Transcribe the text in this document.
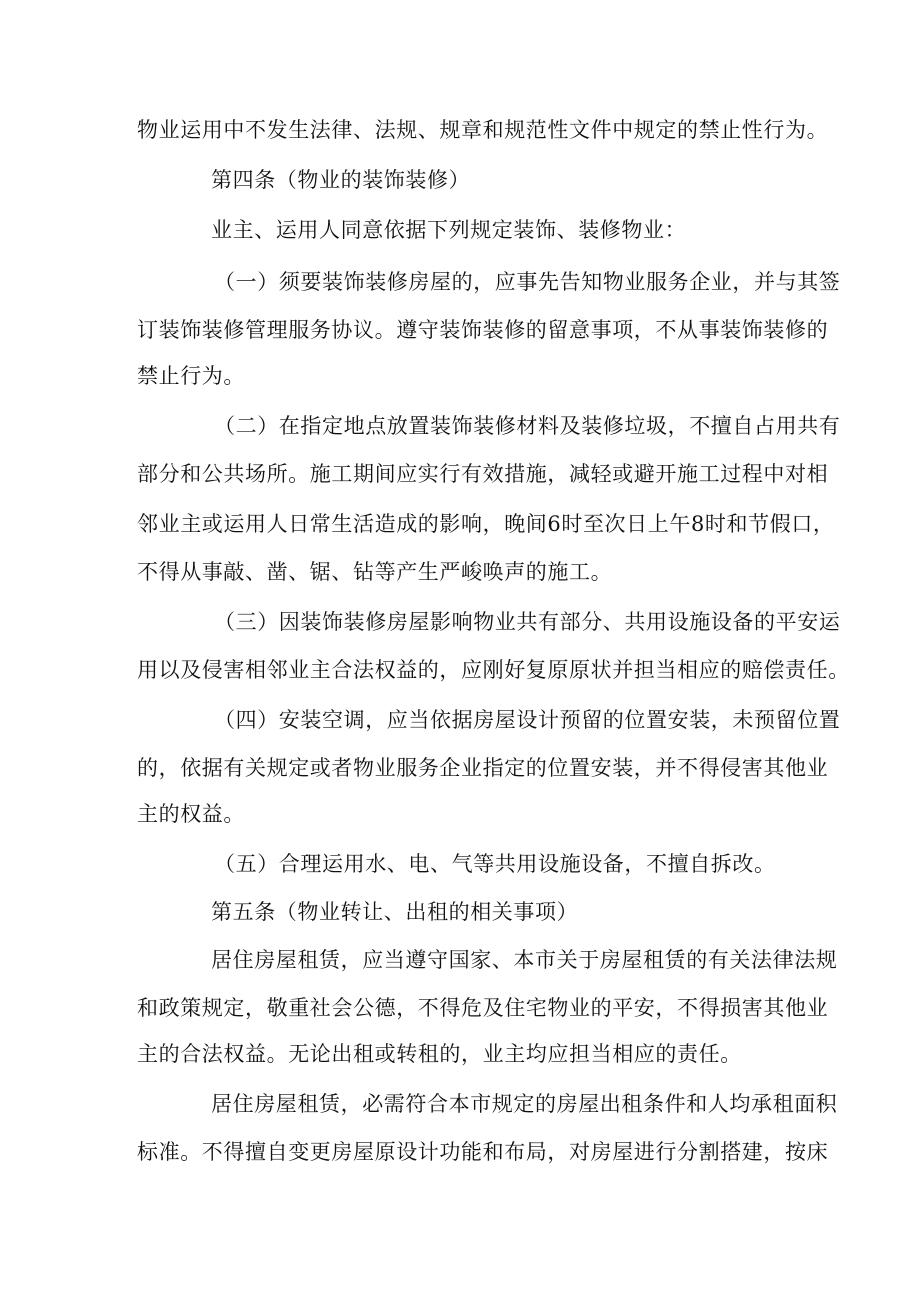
物业运用中不发生法律、法规、规章和规范性文件中规定的禁止性行为。
第四条（物业的装饰装修）
业主、运用人同意依据下列规定装饰、装修物业：
（一）须要装饰装修房屋的，应事先告知物业服务企业，并与其签
订装饰装修管理服务协议。遵守装饰装修的留意事项，不从事装饰装修的
禁止行为。
（二）在指定地点放置装饰装修材料及装修垃圾，不擅自占用共有
部分和公共场所。施工期间应实行有效措施，减轻或避开施工过程中对相
邻业主或运用人日常生活造成的影响，晚间6时至次日上午8时和节假口，
不得从事敲、凿、锯、钻等产生严峻唤声的施工。
（三）因装饰装修房屋影响物业共有部分、共用设施设备的平安运
用以及侵害相邻业主合法权益的，应刚好复原原状并担当相应的赔偿责任。
（四）安装空调，应当依据房屋设计预留的位置安装，未预留位置
的，依据有关规定或者物业服务企业指定的位置安装，并不得侵害其他业
主的权益。
（五）合理运用水、电、气等共用设施设备，不擅自拆改。
第五条（物业转让、出租的相关事项）
居住房屋租赁，应当遵守国家、本市关于房屋租赁的有关法律法规
和政策规定，敬重社会公德，不得危及住宅物业的平安，不得损害其他业
主的合法权益。无论出租或转租的，业主均应担当相应的责任。
居住房屋租赁，必需符合本市规定的房屋出租条件和人均承租面积
标准。不得擅自变更房屋原设计功能和布局，对房屋进行分割搭建，按床
